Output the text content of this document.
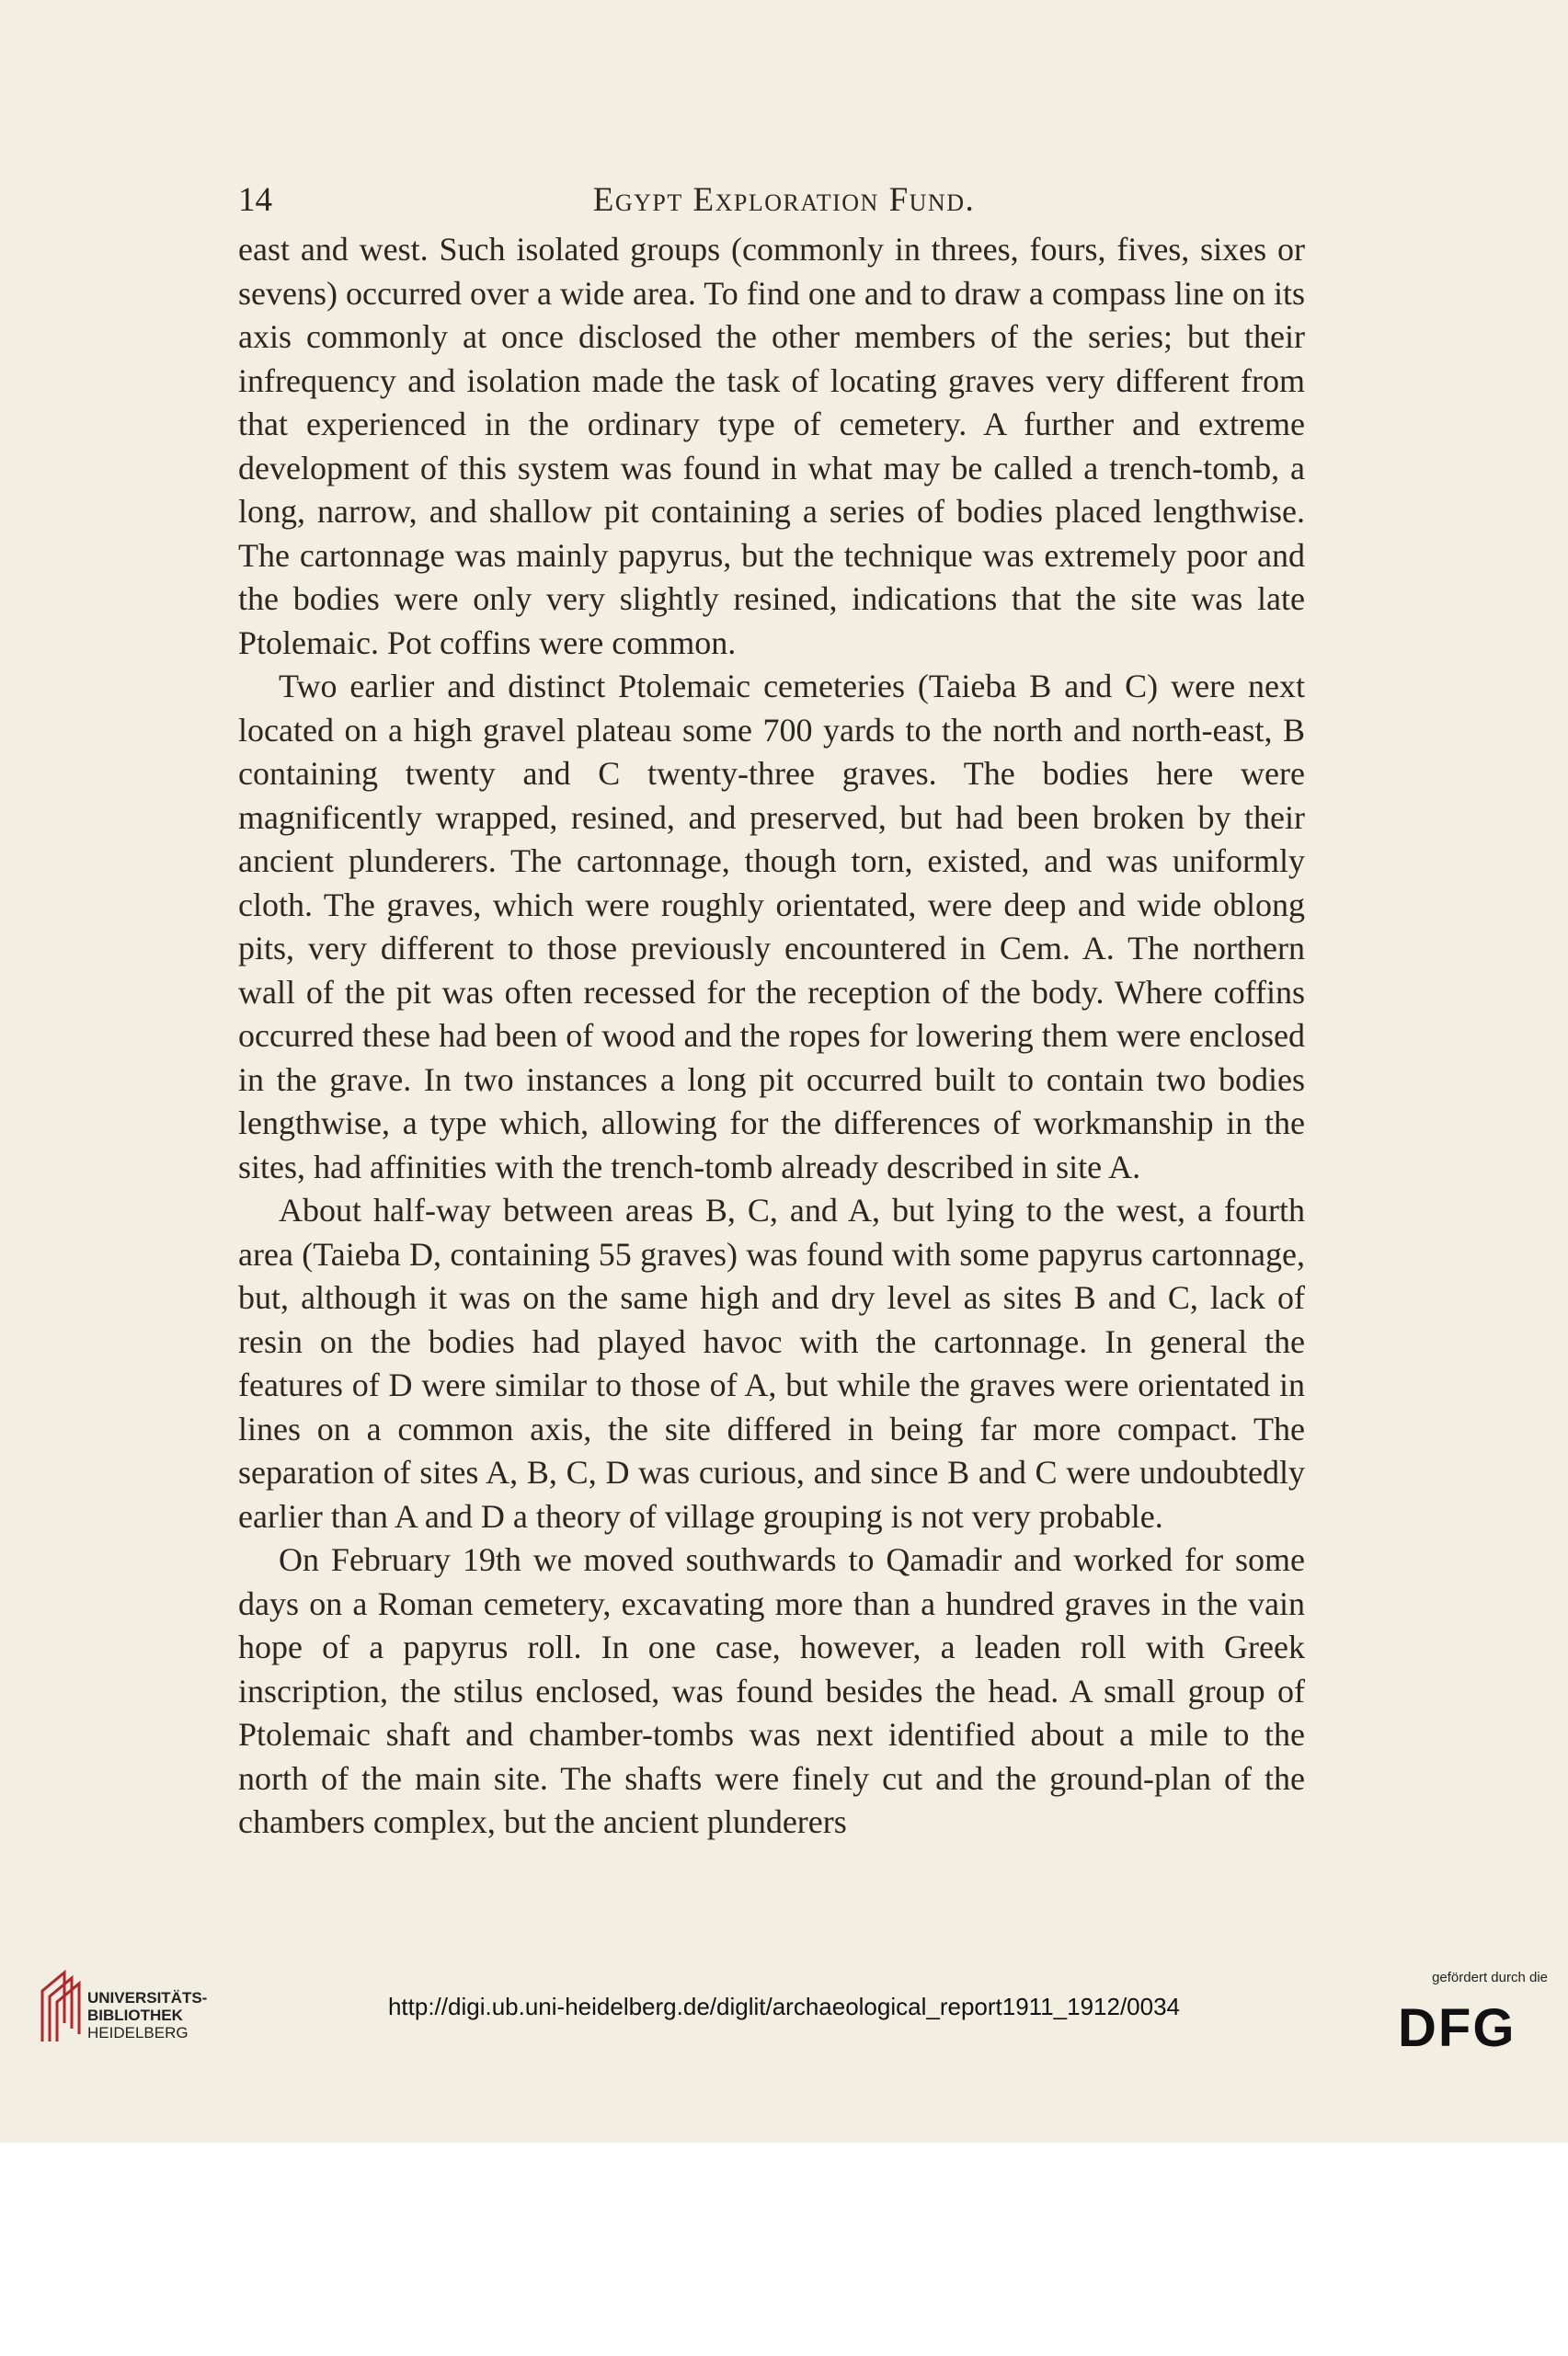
14	Egypt Exploration Fund.

east and west. Such isolated groups (commonly in threes, fours, fives, sixes or sevens) occurred over a wide area. To find one and to draw a compass line on its axis commonly at once disclosed the other members of the series; but their infrequency and isolation made the task of locating graves very different from that experienced in the ordinary type of cemetery. A further and extreme development of this system was found in what may be called a trench-tomb, a long, narrow, and shallow pit containing a series of bodies placed lengthwise. The cartonnage was mainly papyrus, but the technique was extremely poor and the bodies were only very slightly resined, indications that the site was late Ptolemaic. Pot coffins were common.

Two earlier and distinct Ptolemaic cemeteries (Taieba B and C) were next located on a high gravel plateau some 700 yards to the north and north-east, B containing twenty and C twenty-three graves. The bodies here were magnificently wrapped, resined, and preserved, but had been broken by their ancient plunderers. The cartonnage, though torn, existed, and was uniformly cloth. The graves, which were roughly orientated, were deep and wide oblong pits, very different to those previously encountered in Cem. A. The northern wall of the pit was often recessed for the reception of the body. Where coffins occurred these had been of wood and the ropes for lowering them were enclosed in the grave. In two instances a long pit occurred built to contain two bodies lengthwise, a type which, allowing for the differences of workmanship in the sites, had affinities with the trench-tomb already described in site A.

About half-way between areas B, C, and A, but lying to the west, a fourth area (Taieba D, containing 55 graves) was found with some papyrus cartonnage, but, although it was on the same high and dry level as sites B and C, lack of resin on the bodies had played havoc with the cartonnage. In general the features of D were similar to those of A, but while the graves were orientated in lines on a common axis, the site differed in being far more compact. The separation of sites A, B, C, D was curious, and since B and C were undoubtedly earlier than A and D a theory of village grouping is not very probable.

On February 19th we moved southwards to Qamadir and worked for some days on a Roman cemetery, excavating more than a hundred graves in the vain hope of a papyrus roll. In one case, however, a leaden roll with Greek inscription, the stilus enclosed, was found besides the head. A small group of Ptolemaic shaft and chamber-tombs was next identified about a mile to the north of the main site. The shafts were finely cut and the ground-plan of the chambers complex, but the ancient plunderers

UNIVERSITÄTS-
BIBLIOTHEK
HEIDELBERG
http://digi.ub.uni-heidelberg.de/diglit/archaeological_report1911_1912/0034
gefördert durch die
DFG
